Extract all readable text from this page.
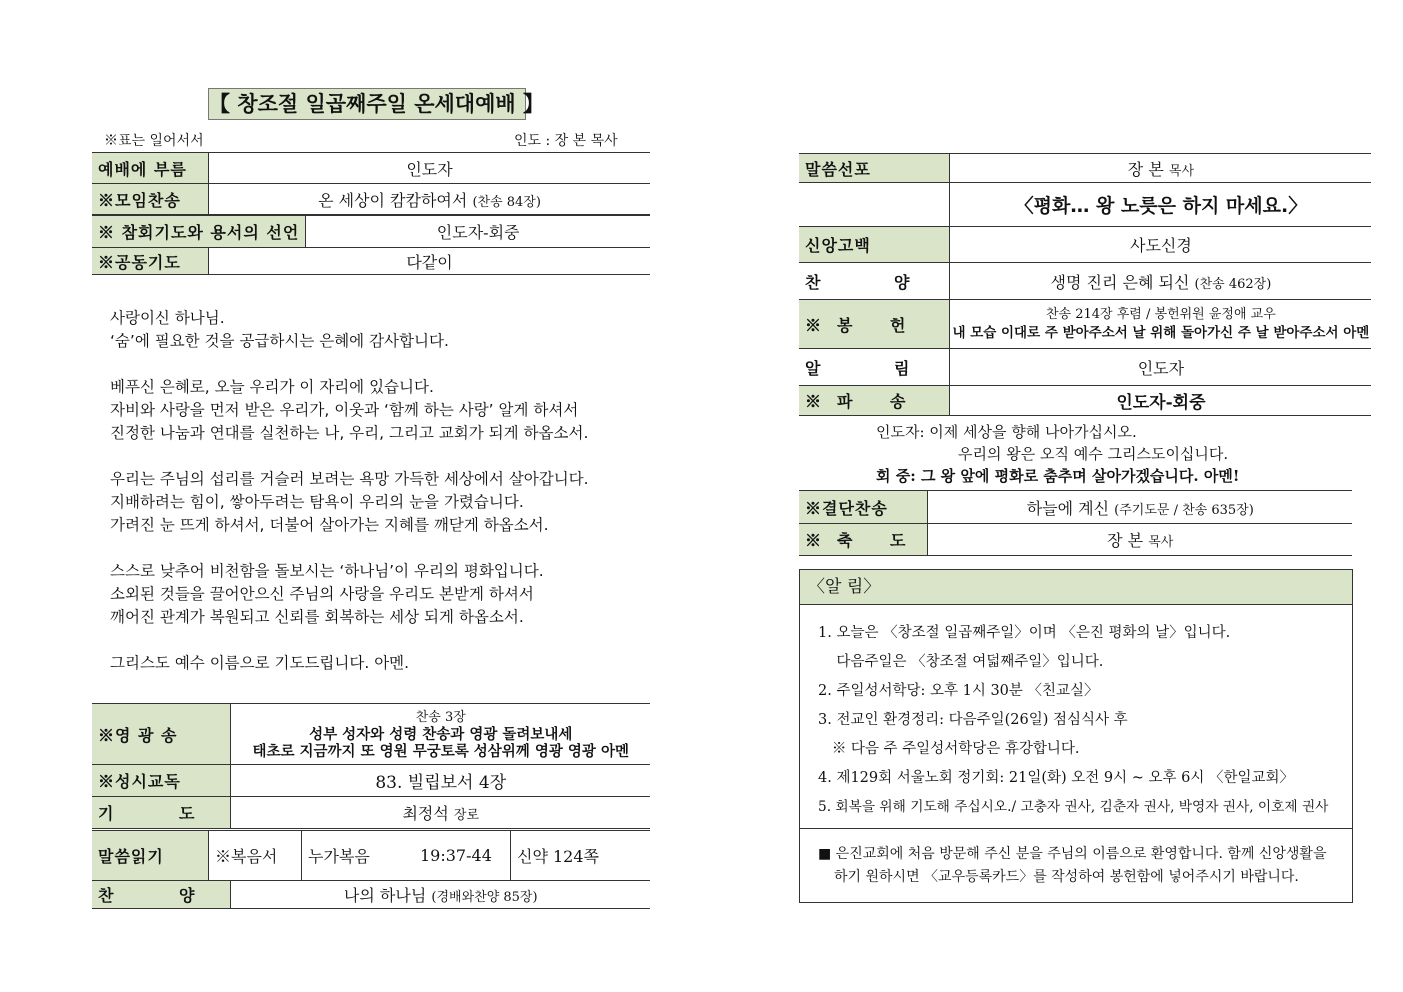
【 창조절 일곱째주일 온세대예배 】
※표는 일어서서	인도 : 장 본 목사
예배에 부름	인도자
※모임찬송	온 세상이 캄캄하여서 (찬송 84장)
※ 참회기도와 용서의 선언	인도자-회중
※공동기도	다같이
사랑이신 하나님.
‘숨’에 필요한 것을 공급하시는 은혜에 감사합니다.

베푸신 은혜로, 오늘 우리가 이 자리에 있습니다.
자비와 사랑을 먼저 받은 우리가, 이웃과 ‘함께 하는 사랑’ 알게 하셔서
진정한 나눔과 연대를 실천하는 나, 우리, 그리고 교회가 되게 하옵소서.

우리는 주님의 섭리를 거슬러 보려는 욕망 가득한 세상에서 살아갑니다.
지배하려는 힘이, 쌓아두려는 탐욕이 우리의 눈을 가렸습니다.
가려진 눈 뜨게 하셔서, 더불어 살아가는 지혜를 깨닫게 하옵소서.

스스로 낮추어 비천함을 돌보시는 ‘하나님’이 우리의 평화입니다.
소외된 것들을 끌어안으신 주님의 사랑을 우리도 본받게 하셔서
깨어진 관계가 복원되고 신뢰를 회복하는 세상 되게 하옵소서.

그리스도 예수 이름으로 기도드립니다. 아멘.
※영 광 송	찬송 3장
성부 성자와 성령 찬송과 영광 돌려보내세
태초로 지금까지 또 영원 무궁토록 성삼위께 영광 영광 아멘

※성시교독	83. 빌립보서 4장
기 도	최정석 장로
말씀읽기	※복음서	누가복음	19:37-44	신약 124쪽
찬 양	나의 하나님 (경배와찬양 85장)
말씀선포	장 본 목사
	〈평화… 왕 노릇은 하지 마세요.〉
신앙고백	사도신경
찬 양	생명 진리 은혜 되신 (찬송 462장)
※봉 헌	찬송 214장 후렴 / 봉헌위원 윤정애 교우
내 모습 이대로 주 받아주소서 날 위해 돌아가신 주 날 받아주소서 아멘

알 림	인도자
※파 송	인도자-회중
인도자: 이제 세상을 향해 나아가십시오.
우리의 왕은 오직 예수 그리스도이십니다.
회 중: 그 왕 앞에 평화로 춤추며 살아가겠습니다. 아멘!
※결단찬송	하늘에 계신 (주기도문 / 찬송 635장)
※축 도	장 본 목사
〈알 림〉
1. 오늘은 〈창조절 일곱째주일〉이며 〈은진 평화의 날〉입니다.
다음주일은 〈창조절 여덟째주일〉입니다.
2. 주일성서학당: 오후 1시 30분 〈친교실〉
3. 전교인 환경정리: 다음주일(26일) 점심식사 후
※ 다음 주 주일성서학당은 휴강합니다.
4. 제129회 서울노회 정기회: 21일(화) 오전 9시 ~ 오후 6시 〈한일교회〉
5. 회복을 위해 기도해 주십시오./ 고충자 권사, 김춘자 권사, 박영자 권사, 이호제 권사
■ 은진교회에 처음 방문해 주신 분을 주님의 이름으로 환영합니다. 함께 신앙생활을
하기 원하시면 〈교우등록카드〉를 작성하여 봉헌함에 넣어주시기 바랍니다.
